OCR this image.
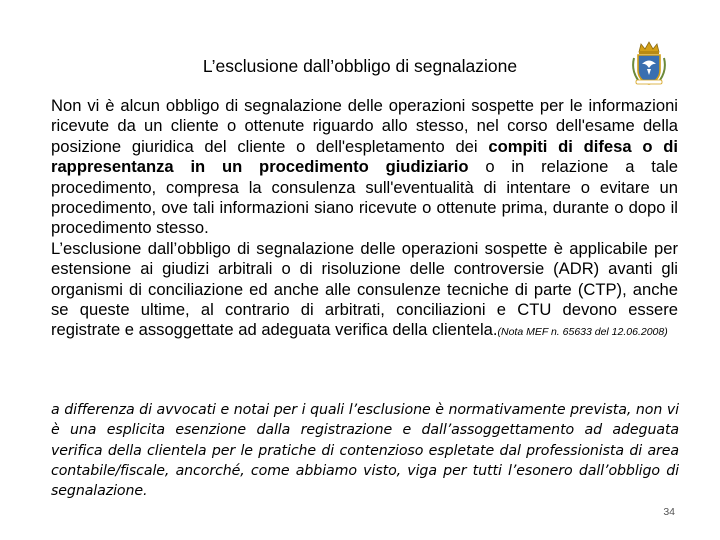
L’esclusione dall’obbligo di segnalazione

Non vi è alcun obbligo di segnalazione delle operazioni sospette per le informazioni ricevute da un cliente o ottenute riguardo allo stesso, nel corso dell'esame della posizione giuridica del cliente o dell'espletamento dei compiti di difesa o di rappresentanza in un procedimento giudiziario o in relazione a tale procedimento, compresa la consulenza sull'eventualità di intentare o evitare un procedimento, ove tali informazioni siano ricevute o ottenute prima, durante o dopo il procedimento stesso.

L’esclusione dall’obbligo di segnalazione delle operazioni sospette è applicabile per estensione ai giudizi arbitrali o di risoluzione delle controversie (ADR) avanti gli organismi di conciliazione ed anche alle consulenze tecniche di parte (CTP), anche se queste ultime, al contrario di arbitrati, conciliazioni e CTU devono essere registrate e assoggettate ad adeguata verifica della clientela.(Nota MEF n. 65633 del 12.06.2008)

a differenza di avvocati e notai per i quali l’esclusione è normativamente prevista, non vi è una esplicita esenzione dalla registrazione e dall’assoggettamento ad adeguata verifica della clientela per le pratiche di contenzioso espletate dal professionista di area contabile/fiscale, ancorché, come abbiamo visto, viga per tutti l’esonero dall’obbligo di segnalazione.

34
